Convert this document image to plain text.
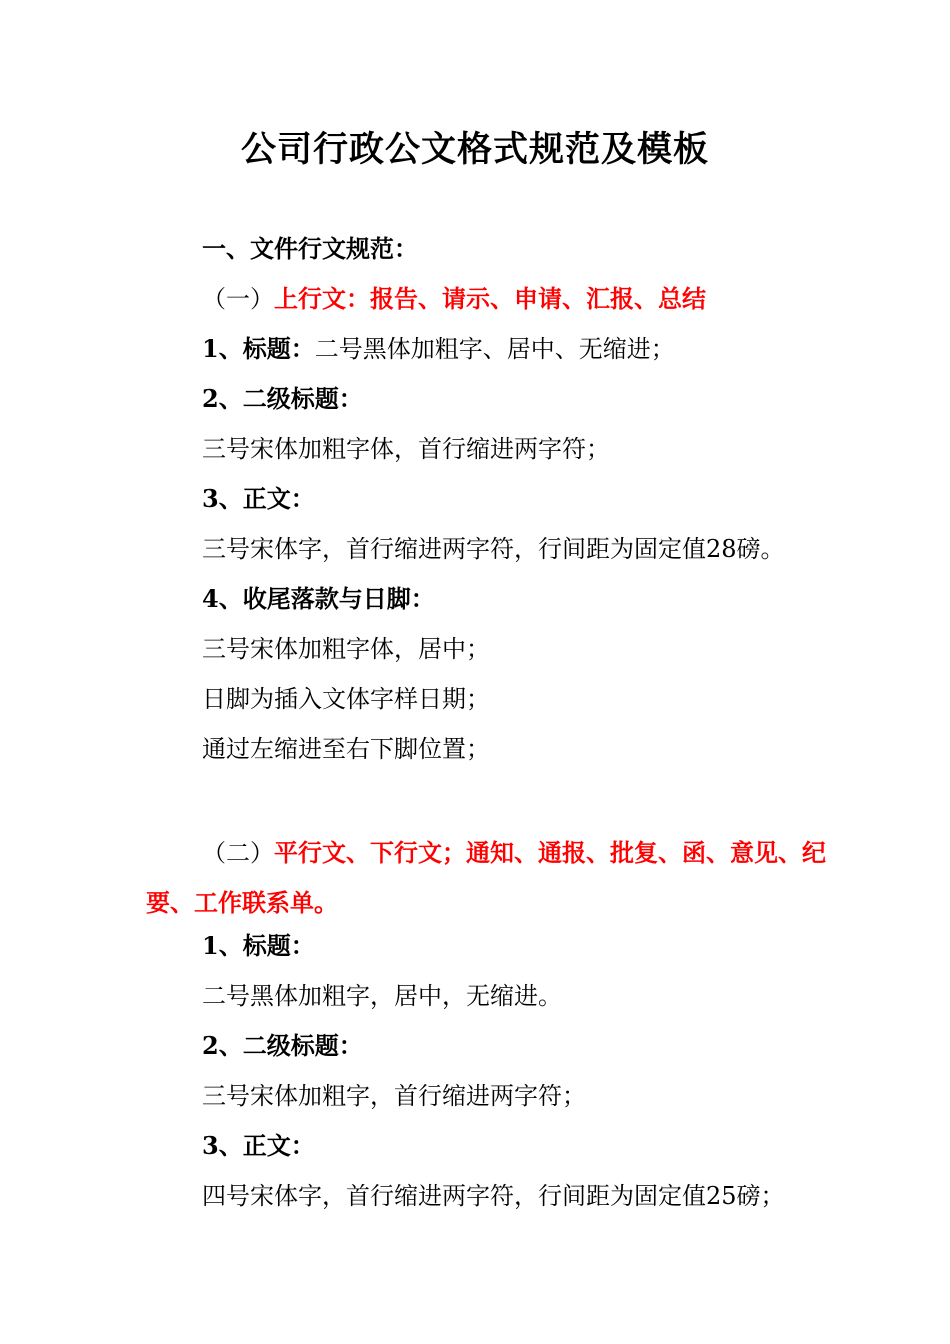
公司行政公文格式规范及模板
一、文件行文规范：
（一）上行文：报告、请示、申请、汇报、总结
1、标题：二号黑体加粗字、居中、无缩进；
2、二级标题：
三号宋体加粗字体，首行缩进两字符；
3、正文：
三号宋体字，首行缩进两字符，行间距为固定值28磅。
4、收尾落款与日脚：
三号宋体加粗字体，居中；
日脚为插入文体字样日期；
通过左缩进至右下脚位置；
（二）平行文、下行文；通知、通报、批复、函、意见、纪要、工作联系单。
1、标题：
二号黑体加粗字，居中，无缩进。
2、二级标题：
三号宋体加粗字，首行缩进两字符；
3、正文：
四号宋体字，首行缩进两字符，行间距为固定值25磅；
